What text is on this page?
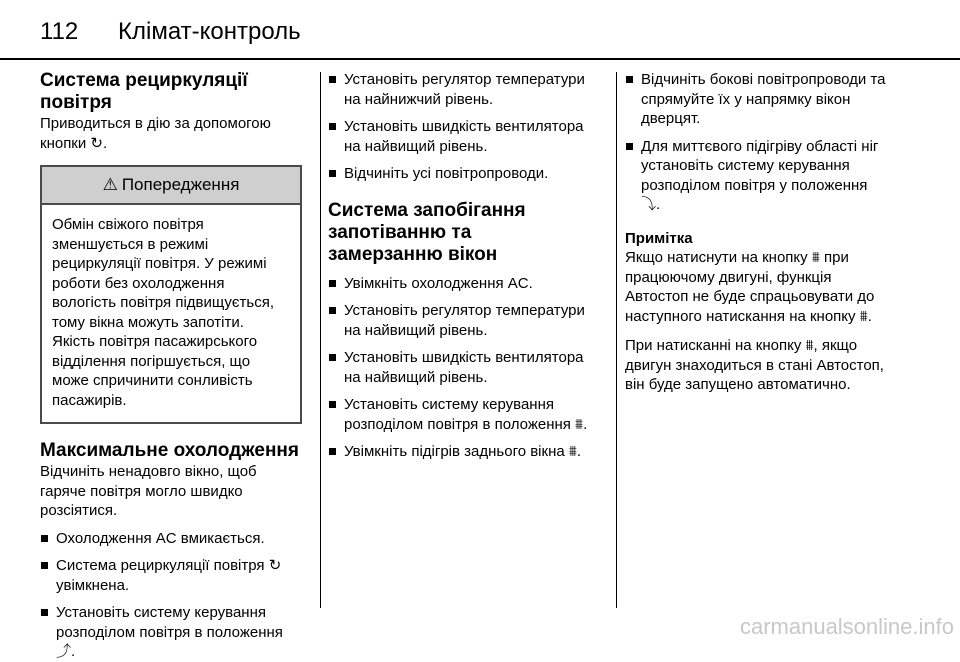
112	Клімат-контроль
Система рециркуляції повітря

Приводиться в дію за допомогою кнопки ↻.

⚠ Попередження
Обмін свіжого повітря зменшується в режимі рециркуляції повітря. У режимі роботи без охолодження вологість повітря підвищується, тому вікна можуть запотіти. Якість повітря пасажирського відділення погіршується, що може спричинити сонливість пасажирів.
Максимальне охолодження

Відчиніть ненадовго вікно, щоб гаряче повітря могло швидко розсіятися.

Охолодження AC вмикається.
Система рециркуляції повітря ↻ увімкнена.
Установіть систему керування розподілом повітря в положення ⤴.
Установіть регулятор температури на найнижчий рівень.
Установіть швидкість вентилятора на найвищий рівень.
Відчиніть усі повітропроводи.
Система запобігання запотіванню та замерзанню вікон
Увімкніть охолодження AC.
Установіть регулятор температури на найвищий рівень.
Установіть швидкість вентилятора на найвищий рівень.
Установіть систему керування розподілом повітря в положення ⩩.
Увімкніть підігрів заднього вікна ⩩.
Відчиніть бокові повітропроводи та спрямуйте їх у напрямку вікон дверцят.
Для миттєвого підігріву області ніг установіть систему керування розподілом повітря у положення ⤵.

Примітка

Якщо натиснути на кнопку ⩩ при працюючому двигуні, функція Автостоп не буде спрацьовувати до наступного натискання на кнопку ⩩.

При натисканні на кнопку ⩩, якщо двигун знаходиться в стані Автостоп, він буде запущено автоматично.

carmanualsonline.info
